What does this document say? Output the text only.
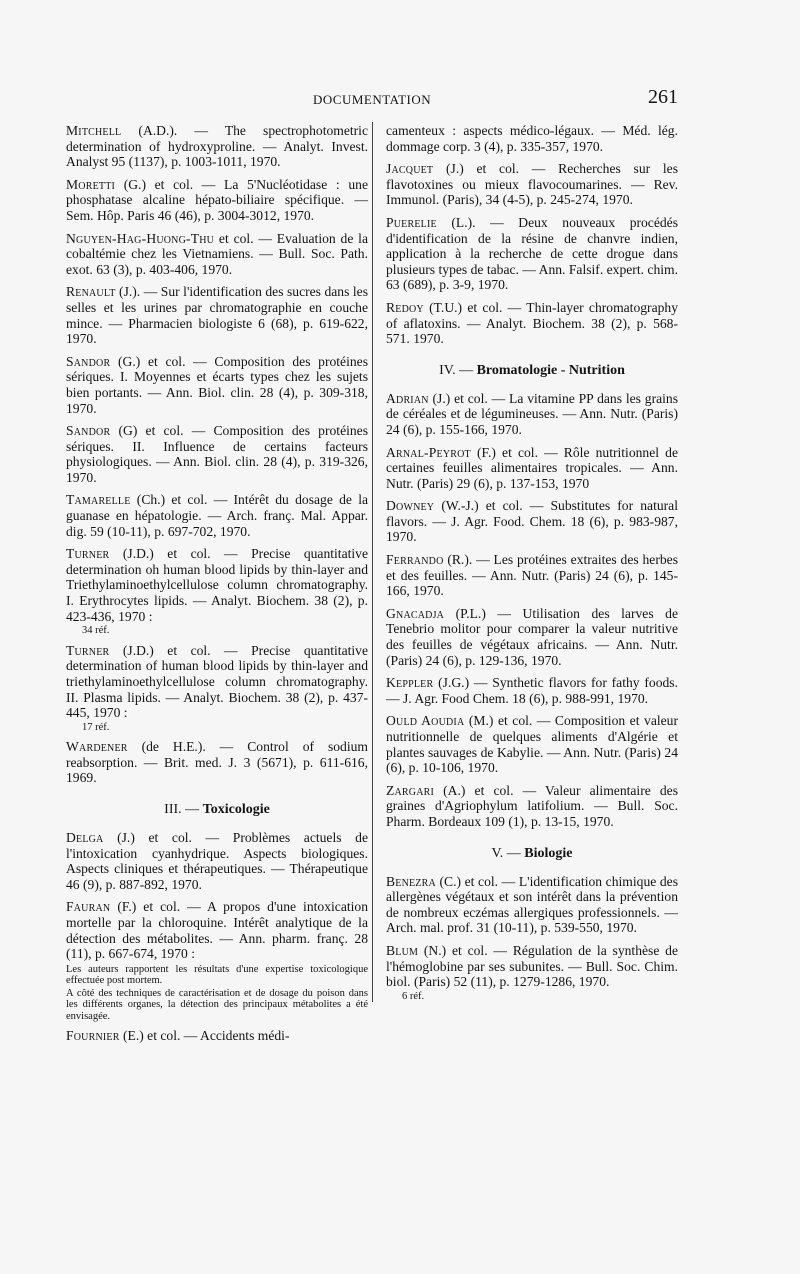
DOCUMENTATION	261

Mitchell (A.D.). — The spectrophotometric determination of hydroxyproline. — Analyt. Invest. Analyst 95 (1137), p. 1003-1011, 1970.

Moretti (G.) et col. — La 5'Nucléotidase : une phosphatase alcaline hépato-biliaire spécifique. — Sem. Hôp. Paris 46 (46), p. 3004-3012, 1970.

Nguyen-Hag-Huong-Thu et col. — Evaluation de la cobaltémie chez les Vietnamiens. — Bull. Soc. Path. exot. 63 (3), p. 403-406, 1970.

Renault (J.). — Sur l'identification des sucres dans les selles et les urines par chromatographie en couche mince. — Pharmacien biologiste 6 (68), p. 619-622, 1970.

Sandor (G.) et col. — Composition des protéines sériques. I. Moyennes et écarts types chez les sujets bien portants. — Ann. Biol. clin. 28 (4), p. 309-318, 1970.

Sandor (G) et col. — Composition des protéines sériques. II. Influence de certains facteurs physiologiques. — Ann. Biol. clin. 28 (4), p. 319-326, 1970.

Tamarelle (Ch.) et col. — Intérêt du dosage de la guanase en hépatologie. — Arch. franç. Mal. Appar. dig. 59 (10-11), p. 697-702, 1970.

Turner (J.D.) et col. — Precise quantitative determination oh human blood lipids by thin-layer and Triethylaminoethylcellulose column chromatography. I. Erythrocytes lipids. — Analyt. Biochem. 38 (2), p. 423-436, 1970 :

34 réf.

Turner (J.D.) et col. — Precise quantitative determination of human blood lipids by thin-layer and triethylaminoethylcellulose column chromatography. II. Plasma lipids. — Analyt. Biochem. 38 (2), p. 437-445, 1970 :

17 réf.

Wardener (de H.E.). — Control of sodium reabsorption. — Brit. med. J. 3 (5671), p. 611-616, 1969.

III. — Toxicologie

Delga (J.) et col. — Problèmes actuels de l'intoxication cyanhydrique. Aspects biologiques. Aspects cliniques et thérapeutiques. — Thérapeutique 46 (9), p. 887-892, 1970.

Fauran (F.) et col. — A propos d'une intoxication mortelle par la chloroquine. Intérêt analytique de la détection des métabolites. — Ann. pharm. franç. 28 (11), p. 667-674, 1970 :

Les auteurs rapportent les résultats d'une expertise toxicologique effectuée post mortem.
A côté des techniques de caractérisation et de dosage du poison dans les différents organes, la détection des principaux métabolites a été envisagée.

Fournier (E.) et col. — Accidents médi-

camenteux : aspects médico-légaux. — Méd. lég. dommage corp. 3 (4), p. 335-357, 1970.

Jacquet (J.) et col. — Recherches sur les flavotoxines ou mieux flavocoumarines. — Rev. Immunol. (Paris), 34 (4-5), p. 245-274, 1970.

Puerelie (L.). — Deux nouveaux procédés d'identification de la résine de chanvre indien, application à la recherche de cette drogue dans plusieurs types de tabac. — Ann. Falsif. expert. chim. 63 (689), p. 3-9, 1970.

Redoy (T.U.) et col. — Thin-layer chromatography of aflatoxins. — Analyt. Biochem. 38 (2), p. 568-571. 1970.

IV. — Bromatologie - Nutrition

Adrian (J.) et col. — La vitamine PP dans les grains de céréales et de légumineuses. — Ann. Nutr. (Paris) 24 (6), p. 155-166, 1970.

Arnal-Peyrot (F.) et col. — Rôle nutritionnel de certaines feuilles alimentaires tropicales. — Ann. Nutr. (Paris) 29 (6), p. 137-153, 1970

Downey (W.-J.) et col. — Substitutes for natural flavors. — J. Agr. Food. Chem. 18 (6), p. 983-987, 1970.

Ferrando (R.). — Les protéines extraites des herbes et des feuilles. — Ann. Nutr. (Paris) 24 (6), p. 145-166, 1970.

Gnacadja (P.L.) — Utilisation des larves de Tenebrio molitor pour comparer la valeur nutritive des feuilles de végétaux africains. — Ann. Nutr. (Paris) 24 (6), p. 129-136, 1970.

Keppler (J.G.) — Synthetic flavors for fathy foods. — J. Agr. Food Chem. 18 (6), p. 988-991, 1970.

Ould Aoudia (M.) et col. — Composition et valeur nutritionnelle de quelques aliments d'Algérie et plantes sauvages de Kabylie. — Ann. Nutr. (Paris) 24 (6), p. 10-106, 1970.

Zargari (A.) et col. — Valeur alimentaire des graines d'Agriophylum latifolium. — Bull. Soc. Pharm. Bordeaux 109 (1), p. 13-15, 1970.

V. — Biologie

Benezra (C.) et col. — L'identification chimique des allergènes végétaux et son intérêt dans la prévention de nombreux eczémas allergiques professionnels. — Arch. mal. prof. 31 (10-11), p. 539-550, 1970.

Blum (N.) et col. — Régulation de la synthèse de l'hémoglobine par ses subunites. — Bull. Soc. Chim. biol. (Paris) 52 (11), p. 1279-1286, 1970.

6 réf.
